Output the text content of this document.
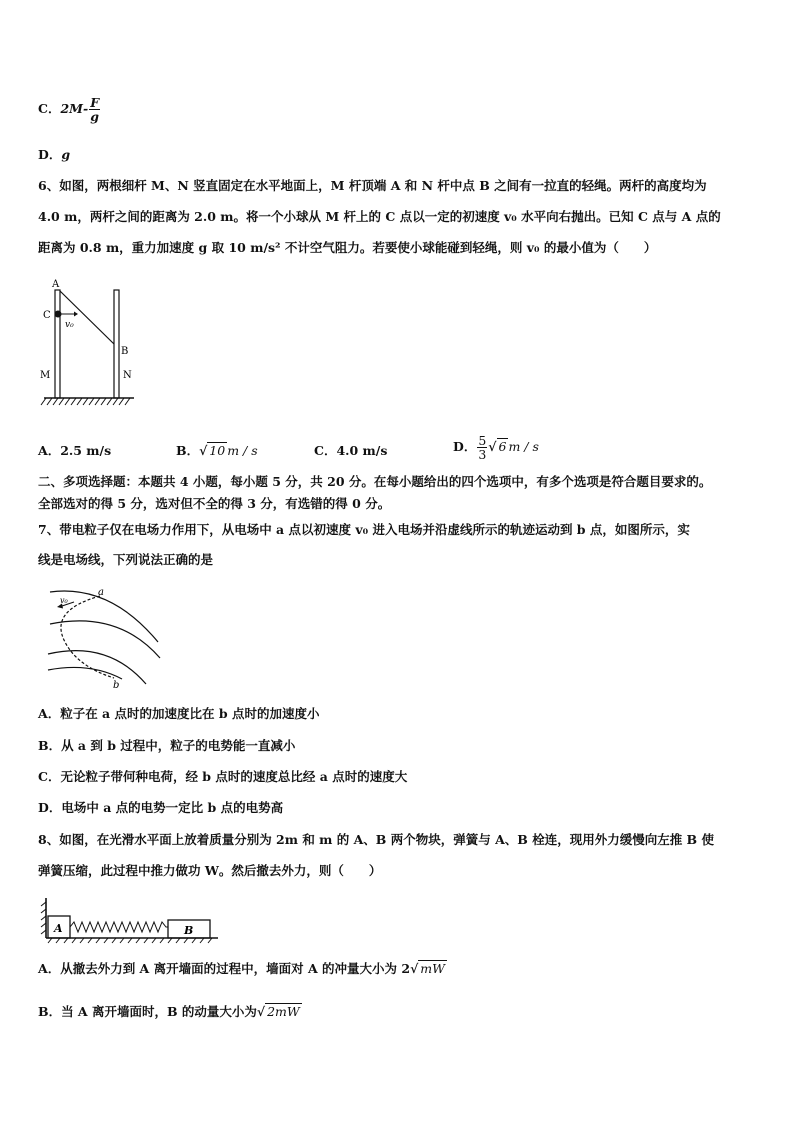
C．$2M- \frac{F}{g}$
D．g
6、如图，两根细杆 M、N 竖直固定在水平地面上，M 杆顶端 A 和 N 杆中点 B 之间有一拉直的轻绳。两杆的高度均为
4.0 m，两杆之间的距离为 2.0 m。将一个小球从 M 杆上的 C 点以一定的初速度 v₀ 水平向右抛出。已知 C 点与 A 点的
距离为 0.8 m，重力加速度 g 取 10 m/s² 不计空气阻力。若要使小球能碰到轻绳，则 v₀ 的最小值为（　　）
A
C
v₀
B
M	N
A．2.5 m/s	B．√ 10 m / s	C．4.0 m/s	D． $\frac{5}{3}$ √ 6 m / s
二、多项选择题：本题共 4 小题，每小题 5 分，共 20 分。在每小题给出的四个选项中，有多个选项是符合题目要求的。
全部选对的得 5 分，选对但不全的得 3 分，有选错的得 0 分。
7、带电粒子仅在电场力作用下，从电场中 a 点以初速度 v₀ 进入电场并沿虚线所示的轨迹运动到 b 点，如图所示，实
线是电场线，下列说法正确的是
a
v₀
b
A．粒子在 a 点时的加速度比在 b 点时的加速度小
B．从 a 到 b 过程中，粒子的电势能一直减小
C．无论粒子带何种电荷，经 b 点时的速度总比经 a 点时的速度大
D．电场中 a 点的电势一定比 b 点的电势高
8、如图，在光滑水平面上放着质量分别为 2m 和 m 的 A、B 两个物块，弹簧与 A、B 栓连，现用外力缓慢向左推 B 使
弹簧压缩，此过程中推力做功 W。然后撤去外力，则（　　）
A	B
A．从撤去外力到 A 离开墙面的过程中，墙面对 A 的冲量大小为 2√ mW
B．当 A 离开墙面时，B 的动量大小为√ 2mW
